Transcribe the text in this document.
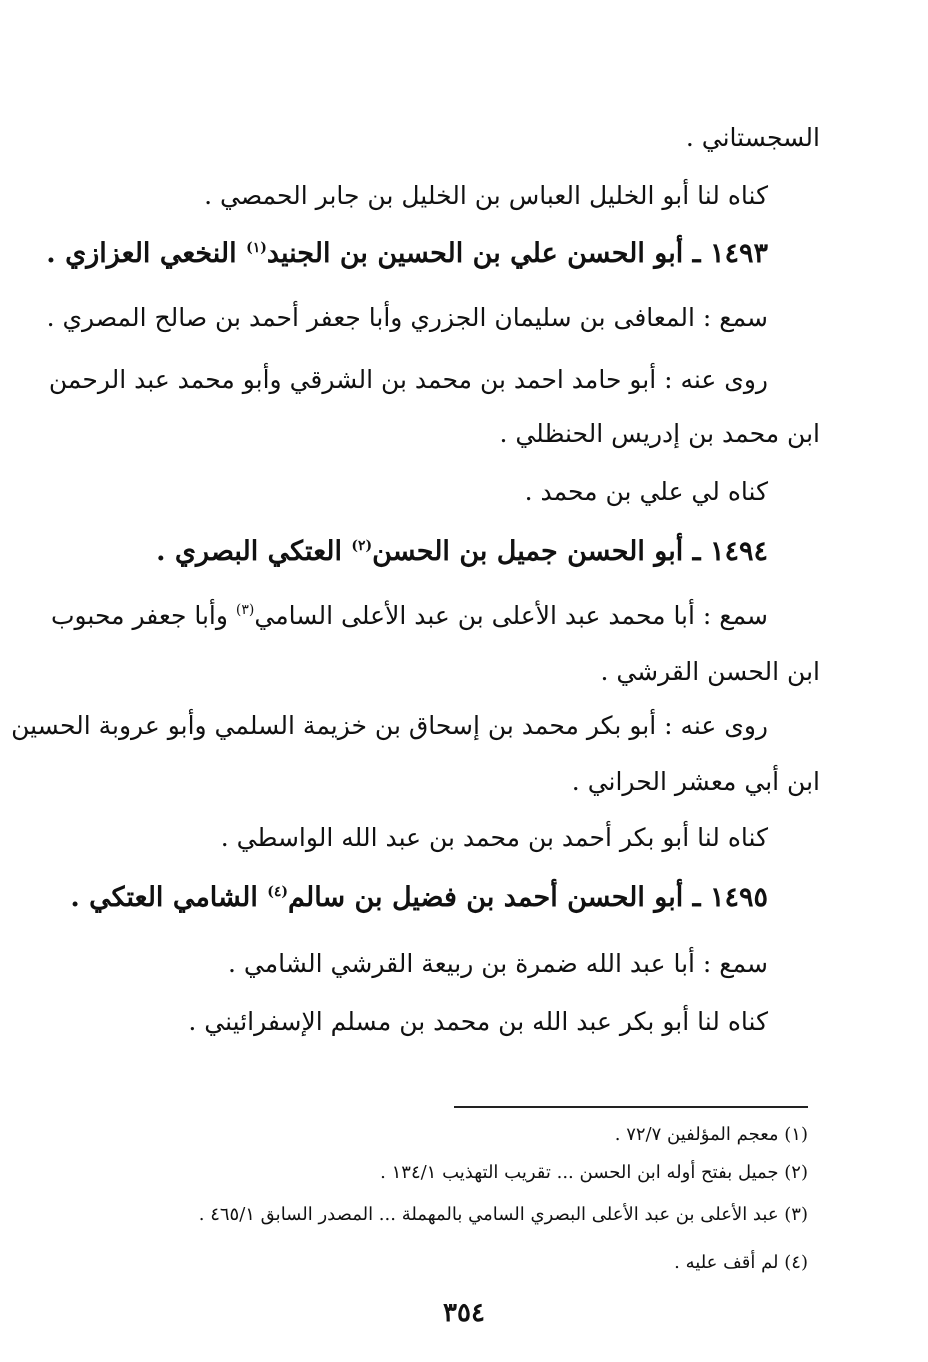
السجستاني .
كناه لنا أبو الخليل العباس بن الخليل بن جابر الحمصي .
١٤٩٣ ـ أبو الحسن علي بن الحسين بن الجنيد$^{(١)}$ النخعي العزازي .
سمع : المعافى بن سليمان الجزري وأبا جعفر أحمد بن صالح المصري .
روى عنه : أبو حامد احمد بن محمد بن الشرقي وأبو محمد عبد الرحمن
ابن محمد بن إدريس الحنظلي .
كناه لي علي بن محمد .
١٤٩٤ ـ أبو الحسن جميل بن الحسن$^{(٢)}$ العتكي البصري .
سمع : أبا محمد عبد الأعلى بن عبد الأعلى السامي$^{(٣)}$ وأبا جعفر محبوب
ابن الحسن القرشي .
روى عنه : أبو بكر محمد بن إسحاق بن خزيمة السلمي وأبو عروبة الحسين
ابن أبي معشر الحراني .
كناه لنا أبو بكر أحمد بن محمد بن عبد الله الواسطي .
١٤٩٥ ـ أبو الحسن أحمد بن فضيل بن سالم$^{(٤)}$ الشامي العتكي .
سمع : أبا عبد الله ضمرة بن ربيعة القرشي الشامي .
كناه لنا أبو بكر عبد الله بن محمد بن مسلم الإسفرائيني .
(١) معجم المؤلفين ٧٢/٧ .
(٢) جميل بفتح أوله ابن الحسن ... تقريب التهذيب ١٣٤/١ .
(٣) عبد الأعلى بن عبد الأعلى البصري السامي بالمهملة ... المصدر السابق ٤٦٥/١ .
(٤) لم أقف عليه .
٣٥٤
